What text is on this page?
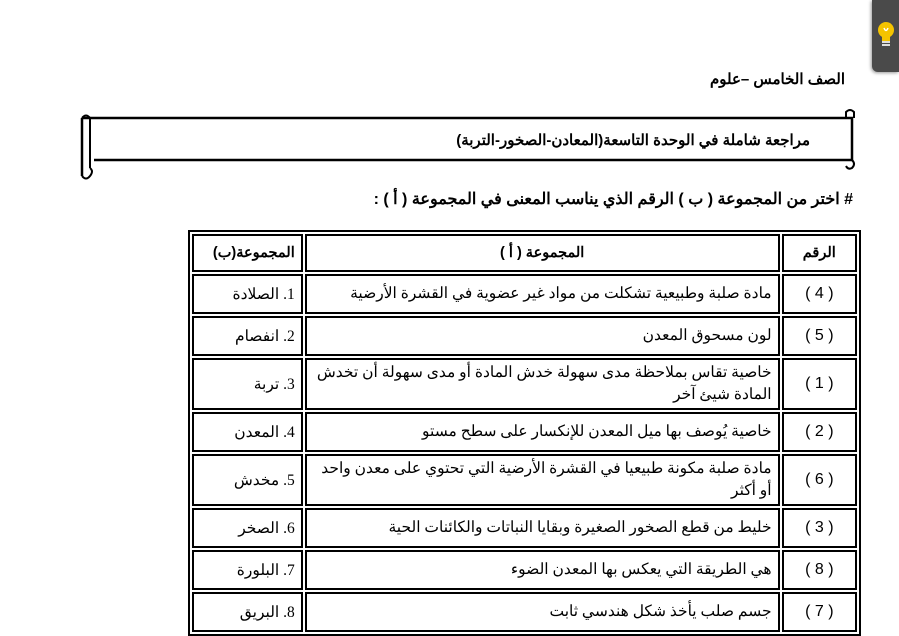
الصف الخامس –علوم
مراجعة شاملة في الوحدة التاسعة(المعادن-الصخور-التربة)
# اختر من المجموعة ( ب ) الرقم الذي يناسب المعنى في المجموعة ( أ ) :
الرقم	المجموعة ( أ )	المجموعة(ب)
( 4 )	مادة صلبة وطبيعية تشكلت من مواد غير عضوية في القشرة الأرضية	1. الصلادة
( 5 )	لون مسحوق المعدن	2. انفصام
( 1 )	خاصية تقاس بملاحظة مدى سهولة خدش المادة أو مدى سهولة أن تخدش المادة شيئ آخر	3. تربة
( 2 )	خاصية يُوصف بها ميل المعدن للإنكسار على سطح مستو	4. المعدن
( 6 )	مادة صلبة مكونة طبيعيا في القشرة الأرضية التي تحتوي على معدن واحد أو أكثر	5. مخدش
( 3 )	خليط من قطع الصخور الصغيرة وبقايا النباتات والكائنات الحية	6. الصخر
( 8 )	هي الطريقة التي يعكس بها المعدن الضوء	7. البلورة
( 7 )	جسم صلب يأخذ شكل هندسي ثابت	8. البريق
